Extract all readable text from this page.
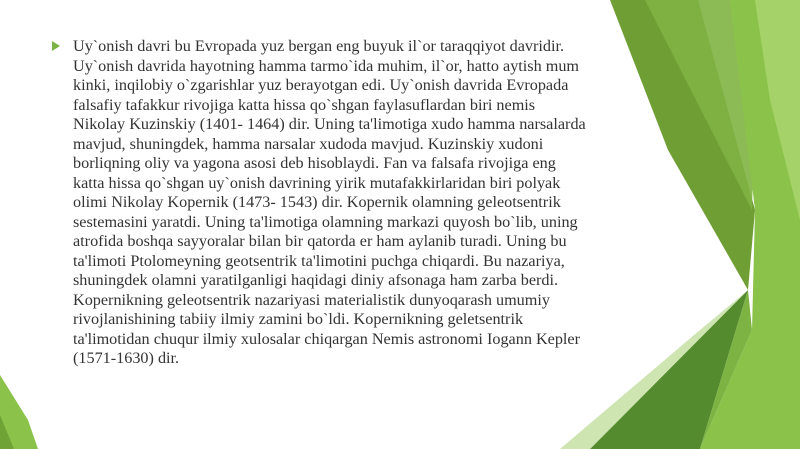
Uy`onish davri bu Evropada yuz bergan eng buyuk il`or taraqqiyot davridir.
Uy`onish davrida hayotning hamma tarmo`ida muhim, il`or, hatto aytish mum
kinki, inqilobiy o`zgarishlar yuz berayotgan edi. Uy`onish davrida Evropada
falsafiy tafakkur rivojiga katta hissa qo`shgan faylasuflardan biri nemis
Nikolay Kuzinskiy (1401- 1464) dir. Uning ta'limotiga xudo hamma narsalarda
mavjud, shuningdek, hamma narsalar xudoda mavjud. Kuzinskiy xudoni
borliqning oliy va yagona asosi deb hisoblaydi. Fan va falsafa rivojiga eng
katta hissa qo`shgan uy`onish davrining yirik mutafakkirlaridan biri polyak
olimi Nikolay Kopernik (1473- 1543) dir. Kopernik olamning geleotsentrik
sestemasini yaratdi. Uning ta'limotiga olamning markazi quyosh bo`lib, uning
atrofida boshqa sayyoralar bilan bir qatorda er ham aylanib turadi. Uning bu
ta'limoti Ptolomeyning geotsentrik ta'limotini puchga chiqardi. Bu nazariya,
shuningdek olamni yaratilganligi haqidagi diniy afsonaga ham zarba berdi.
Kopernikning geleotsentrik nazariyasi materialistik dunyoqarash umumiy
rivojlanishining tabiiy ilmiy zamini bo`ldi. Kopernikning geletsentrik
ta'limotidan chuqur ilmiy xulosalar chiqargan Nemis astronomi Iogann Kepler
(1571-1630) dir.
